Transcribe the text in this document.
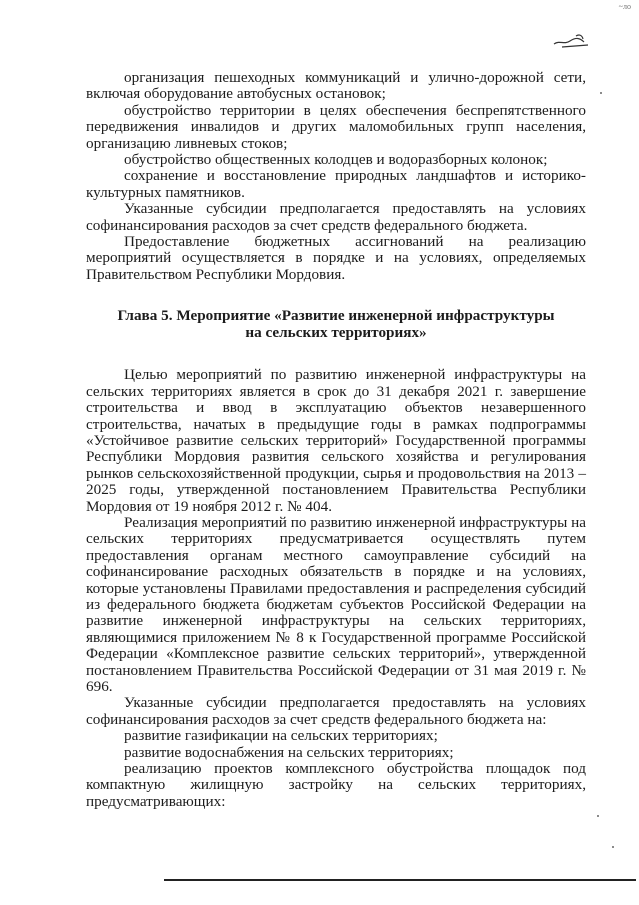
~ло

организация пешеходных коммуникаций и улично-дорожной сети, включая оборудование автобусных остановок;

обустройство территории в целях обеспечения беспрепятственного передвижения инвалидов и других маломобильных групп населения, организацию ливневых стоков;

обустройство общественных колодцев и водоразборных колонок;

сохранение и восстановление природных ландшафтов и историко-культурных памятников.

Указанные субсидии предполагается предоставлять на условиях софинансирования расходов за счет средств федерального бюджета.

Предоставление бюджетных ассигнований на реализацию мероприятий осуществляется в порядке и на условиях, определяемых Правительством Республики Мордовия.

Глава 5. Мероприятие «Развитие инженерной инфраструктуры на сельских территориях»

Целью мероприятий по развитию инженерной инфраструктуры на сельских территориях является в срок до 31 декабря 2021 г. завершение строительства и ввод в эксплуатацию объектов незавершенного строительства, начатых в предыдущие годы в рамках подпрограммы «Устойчивое развитие сельских территорий» Государственной программы Республики Мордовия развития сельского хозяйства и регулирования рынков сельскохозяйственной продукции, сырья и продовольствия на 2013 – 2025 годы, утвержденной постановлением Правительства Республики Мордовия от 19 ноября 2012 г. № 404.

Реализация мероприятий по развитию инженерной инфраструктуры на сельских территориях предусматривается осуществлять путем предоставления органам местного самоуправление субсидий на софинансирование расходных обязательств в порядке и на условиях, которые установлены Правилами предоставления и распределения субсидий из федерального бюджета бюджетам субъектов Российской Федерации на развитие инженерной инфраструктуры на сельских территориях, являющимися приложением № 8 к Государственной программе Российской Федерации «Комплексное развитие сельских территорий», утвержденной постановлением Правительства Российской Федерации от 31 мая 2019 г. № 696.

Указанные субсидии предполагается предоставлять на условиях софинансирования расходов за счет средств федерального бюджета на:

развитие газификации на сельских территориях;

развитие водоснабжения на сельских территориях;

реализацию проектов комплексного обустройства площадок под компактную жилищную застройку на сельских территориях, предусматривающих:
